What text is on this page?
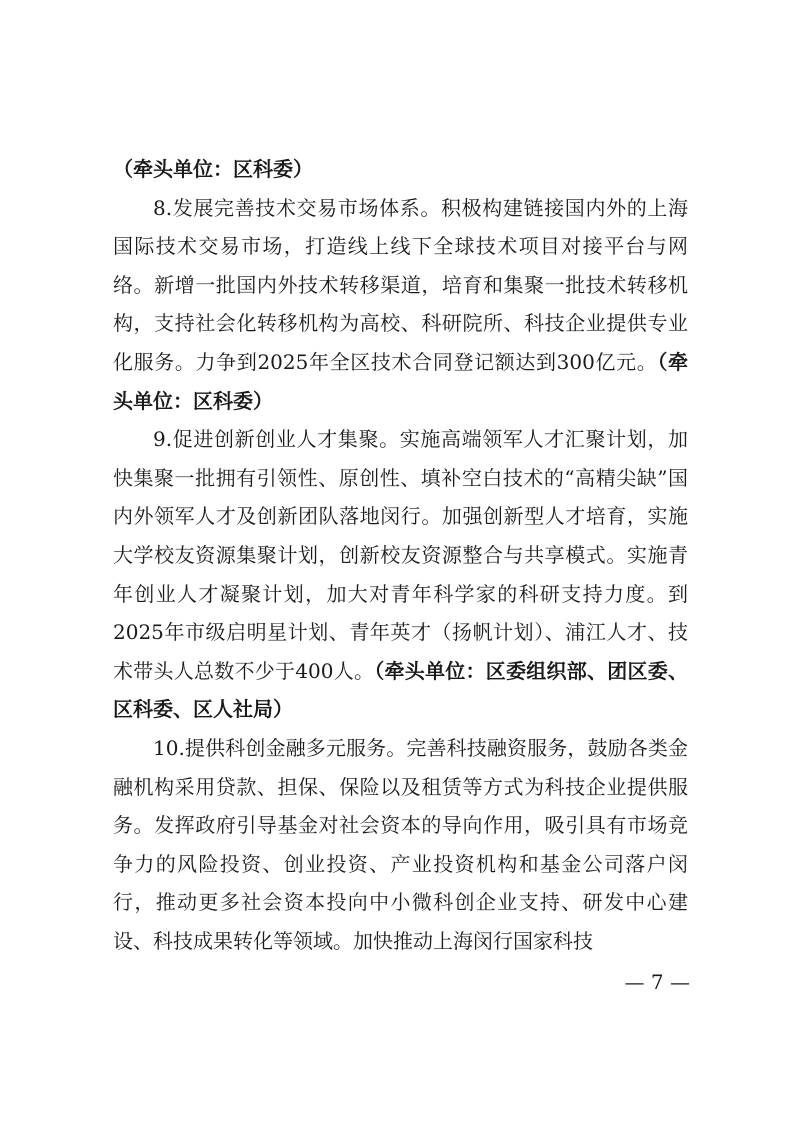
（牵头单位：区科委）

8.发展完善技术交易市场体系。积极构建链接国内外的上海国际技术交易市场，打造线上线下全球技术项目对接平台与网络。新增一批国内外技术转移渠道，培育和集聚一批技术转移机构，支持社会化转移机构为高校、科研院所、科技企业提供专业化服务。力争到2025年全区技术合同登记额达到300亿元。（牵头单位：区科委）

9.促进创新创业人才集聚。实施高端领军人才汇聚计划，加快集聚一批拥有引领性、原创性、填补空白技术的“高精尖缺”国内外领军人才及创新团队落地闵行。加强创新型人才培育，实施大学校友资源集聚计划，创新校友资源整合与共享模式。实施青年创业人才凝聚计划，加大对青年科学家的科研支持力度。到2025年市级启明星计划、青年英才（扬帆计划）、浦江人才、技术带头人总数不少于400人。（牵头单位：区委组织部、团区委、区科委、区人社局）

10.提供科创金融多元服务。完善科技融资服务，鼓励各类金融机构采用贷款、担保、保险以及租赁等方式为科技企业提供服务。发挥政府引导基金对社会资本的导向作用，吸引具有市场竞争力的风险投资、创业投资、产业投资机构和基金公司落户闵行，推动更多社会资本投向中小微科创企业支持、研发中心建设、科技成果转化等领域。加快推动上海闵行国家科技

— 7 —
